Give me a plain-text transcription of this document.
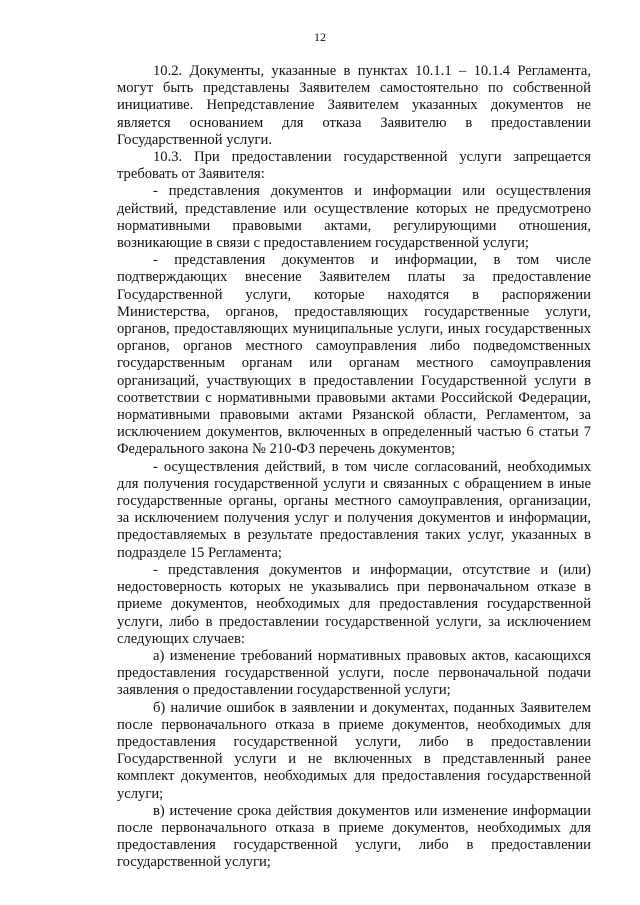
12

10.2. Документы, указанные в пунктах 10.1.1 – 10.1.4 Регламента, могут быть представлены Заявителем самостоятельно по собственной инициативе. Непредставление Заявителем указанных документов не является основанием для отказа Заявителю в предоставлении Государственной услуги.

10.3. При предоставлении государственной услуги запрещается требовать от Заявителя:

- представления документов и информации или осуществления действий, представление или осуществление которых не предусмотрено нормативными правовыми актами, регулирующими отношения, возникающие в связи с предоставлением государственной услуги;

- представления документов и информации, в том числе подтверждающих внесение Заявителем платы за предоставление Государственной услуги, которые находятся в распоряжении Министерства, органов, предоставляющих государственные услуги, органов, предоставляющих муниципальные услуги, иных государственных органов, органов местного самоуправления либо подведомственных государственным органам или органам местного самоуправления организаций, участвующих в предоставлении Государственной услуги в соответствии с нормативными правовыми актами Российской Федерации, нормативными правовыми актами Рязанской области, Регламентом, за исключением документов, включенных в определенный частью 6 статьи 7 Федерального закона № 210-ФЗ перечень документов;

- осуществления действий, в том числе согласований, необходимых для получения государственной услуги и связанных с обращением в иные государственные органы, органы местного самоуправления, организации, за исключением получения услуг и получения документов и информации, предоставляемых в результате предоставления таких услуг, указанных в подразделе 15 Регламента;

- представления документов и информации, отсутствие и (или) недостоверность которых не указывались при первоначальном отказе в приеме документов, необходимых для предоставления государственной услуги, либо в предоставлении государственной услуги, за исключением следующих случаев:

а) изменение требований нормативных правовых актов, касающихся предоставления государственной услуги, после первоначальной подачи заявления о предоставлении государственной услуги;

б) наличие ошибок в заявлении и документах, поданных Заявителем после первоначального отказа в приеме документов, необходимых для предоставления государственной услуги, либо в предоставлении Государственной услуги и не включенных в представленный ранее комплект документов, необходимых для предоставления государственной услуги;

в) истечение срока действия документов или изменение информации после первоначального отказа в приеме документов, необходимых для предоставления государственной услуги, либо в предоставлении государственной услуги;
